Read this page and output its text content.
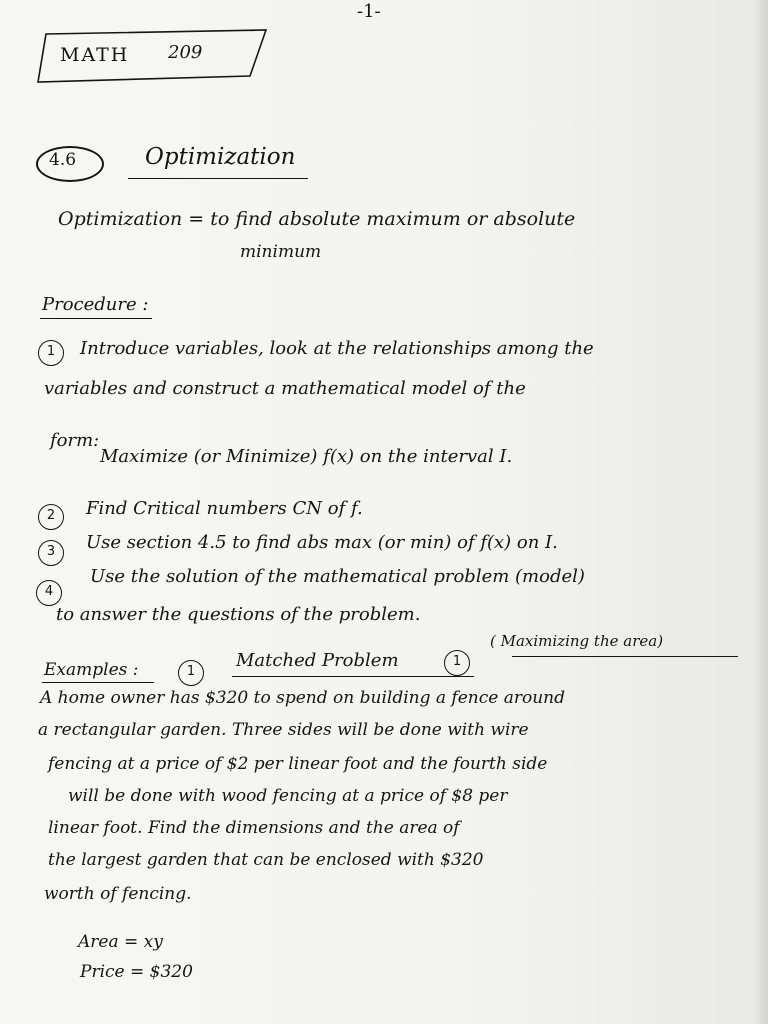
-1-
MATH 209
4.6	Optimization
Optimization = to find absolute maximum or absolute
minimum
Procedure :
1	Introduce variables, look at the relationships among the
variables and construct a mathematical model of the
form:
Maximize (or Minimize) f(x) on the interval I.
2	Find Critical numbers CN of f.
3	Use section 4.5 to find abs max (or min) of f(x) on I.
4
Use the solution of the mathematical problem (model)
to answer the questions of the problem.
Examples :	1
Matched Problem	1
( Maximizing the area)
A home owner has $320 to spend on building a fence around
a rectangular garden. Three sides will be done with wire
fencing at a price of $2 per linear foot and the fourth side
will be done with wood fencing at a price of $8 per
linear foot. Find the dimensions and the area of
the largest garden that can be enclosed with $320
worth of fencing.
Area = xy
Price = $320
